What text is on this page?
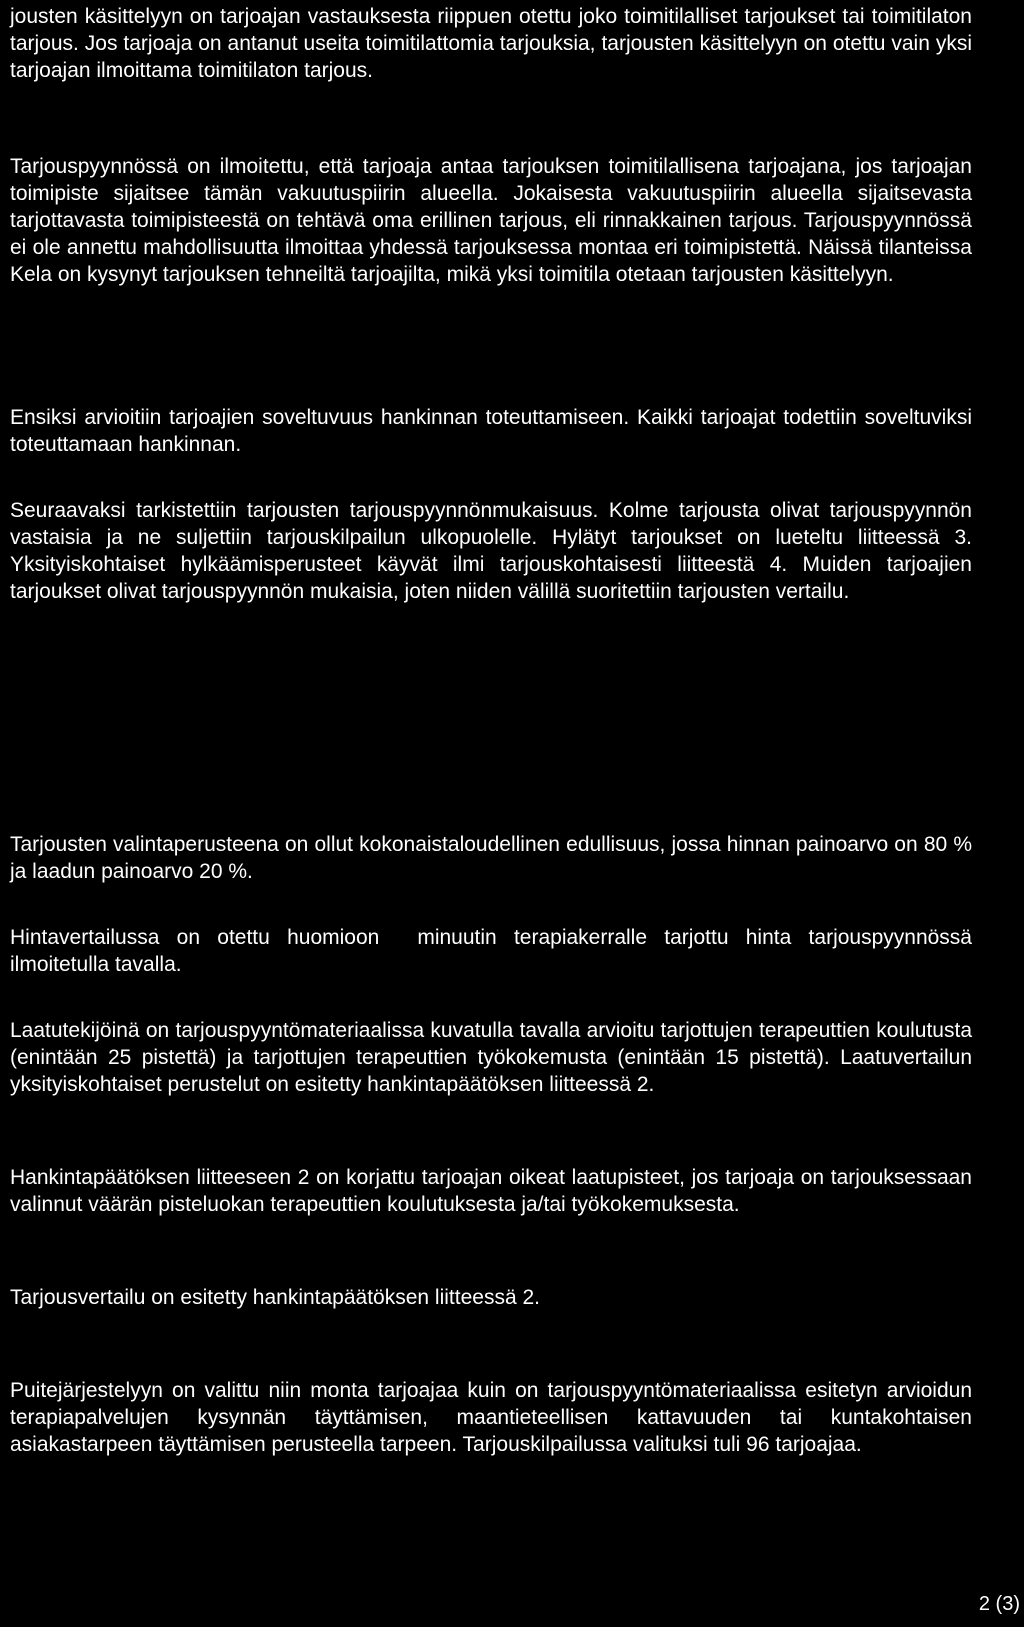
jousten käsittelyyn on tarjoajan vastauksesta riippuen otettu joko toimitilalliset tarjoukset tai toimitilaton tarjous. Jos tarjoaja on antanut useita toimitilattomia tarjouksia, tarjousten käsittelyyn on otettu vain yksi tarjoajan ilmoittama toimitilaton tarjous.

Tarjouspyynnössä on ilmoitettu, että tarjoaja antaa tarjouksen toimitilallisena tarjoajana, jos tarjoajan toimipiste sijaitsee tämän vakuutuspiirin alueella. Jokaisesta vakuutuspiirin alueella sijaitsevasta tarjottavasta toimipisteestä on tehtävä oma erillinen tarjous, eli rinnakkainen tarjous. Tarjouspyynnössä ei ole annettu mahdollisuutta ilmoittaa yhdessä tarjouksessa montaa eri toimipistettä. Näissä tilanteissa Kela on kysynyt tarjouksen tehneiltä tarjoajilta, mikä yksi toimitila otetaan tarjousten käsittelyyn.

Ensiksi arvioitiin tarjoajien soveltuvuus hankinnan toteuttamiseen. Kaikki tarjoajat todettiin soveltuviksi toteuttamaan hankinnan.

Seuraavaksi tarkistettiin tarjousten tarjouspyynnönmukaisuus. Kolme tarjousta olivat tarjouspyynnön vastaisia ja ne suljettiin tarjouskilpailun ulkopuolelle. Hylätyt tarjoukset on lueteltu liitteessä 3. Yksityiskohtaiset hylkäämisperusteet käyvät ilmi tarjouskohtaisesti liitteestä 4. Muiden tarjoajien tarjoukset olivat tarjouspyynnön mukaisia, joten niiden välillä suoritettiin tarjousten vertailu.

Tarjousten valintaperusteena on ollut kokonaistaloudellinen edullisuus, jossa hinnan painoarvo on 80 % ja laadun painoarvo 20 %.

Hintavertailussa on otettu huomioon minuutin terapiakerralle tarjottu hinta tarjouspyynnössä ilmoitetulla tavalla.

Laatutekijöinä on tarjouspyyntömateriaalissa kuvatulla tavalla arvioitu tarjottujen terapeuttien koulutusta (enintään 25 pistettä) ja tarjottujen terapeuttien työkokemusta (enintään 15 pistettä). Laatuvertailun yksityiskohtaiset perustelut on esitetty hankintapäätöksen liitteessä 2.

Hankintapäätöksen liitteeseen 2 on korjattu tarjoajan oikeat laatupisteet, jos tarjoaja on tarjouksessaan valinnut väärän pisteluokan terapeuttien koulutuksesta ja/tai työkokemuksesta.

Tarjousvertailu on esitetty hankintapäätöksen liitteessä 2.

Puitejärjestelyyn on valittu niin monta tarjoajaa kuin on tarjouspyyntömateriaalissa esitetyn arvioidun terapiapalvelujen kysynnän täyttämisen, maantieteellisen kattavuuden tai kuntakohtaisen asiakastarpeen täyttämisen perusteella tarpeen. Tarjouskilpailussa valituksi tuli 96 tarjoajaa.

2 (3)
